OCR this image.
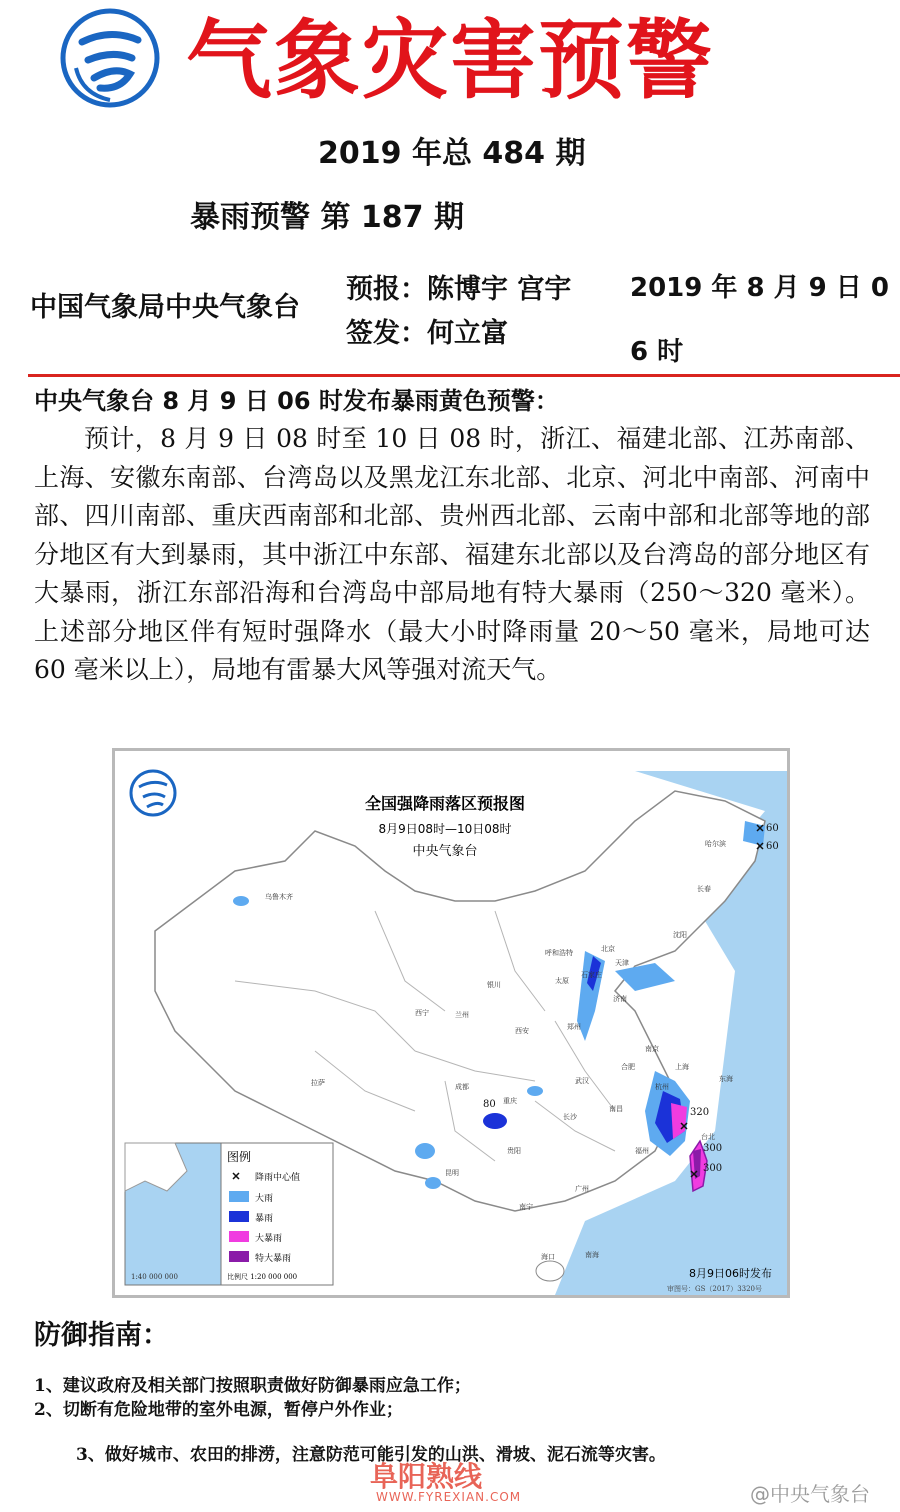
气象灾害预警
2019 年总 484 期
暴雨预警 第 187 期
中国气象局中央气象台
预报：陈博宇 宫宇
签发：何立富
2019 年 8 月 9 日 06 时
中央气象台 8 月 9 日 06 时发布暴雨黄色预警：
预计，8 月 9 日 08 时至 10 日 08 时，浙江、福建北部、江苏南部、上海、安徽东南部、台湾岛以及黑龙江东北部、北京、河北中南部、河南中部、四川南部、重庆西南部和北部、贵州西北部、云南中部和北部等地的部分地区有大到暴雨，其中浙江中东部、福建东北部以及台湾岛的部分地区有大暴雨，浙江东部沿海和台湾岛中部局地有特大暴雨（250～320 毫米）。上述部分地区伴有短时强降水（最大小时降雨量 20～50 毫米，局地可达 60 毫米以上），局地有雷暴大风等强对流天气。
60
60
80
320
300
300
全国强降雨落区预报图
8月9日08时—10日08时
中央气象台
1:40 000 000
图例
降雨中心值
大雨
暴雨
大暴雨
特大暴雨
比例尺 1:20 000 000
乌鲁木齐
哈尔滨
长春
沈阳
北京
天津
石家庄
太原
呼和浩特
银川
兰州
西宁
西安	郑州
济南
南京
合肥	上海
杭州
武汉
成都
重庆
长沙
南昌
福州
台北
贵阳
昆明
拉萨
南宁
广州
海口
东海
南海
8月9日06时发布
审图号：GS（2017）3320号
防御指南：
1、建议政府及相关部门按照职责做好防御暴雨应急工作；
2、切断有危险地带的室外电源，暂停户外作业；
3、做好城市、农田的排涝，注意防范可能引发的山洪、滑坡、泥石流等灾害。
阜阳熟线
WWW.FYREXIAN.COM	@中央气象台
